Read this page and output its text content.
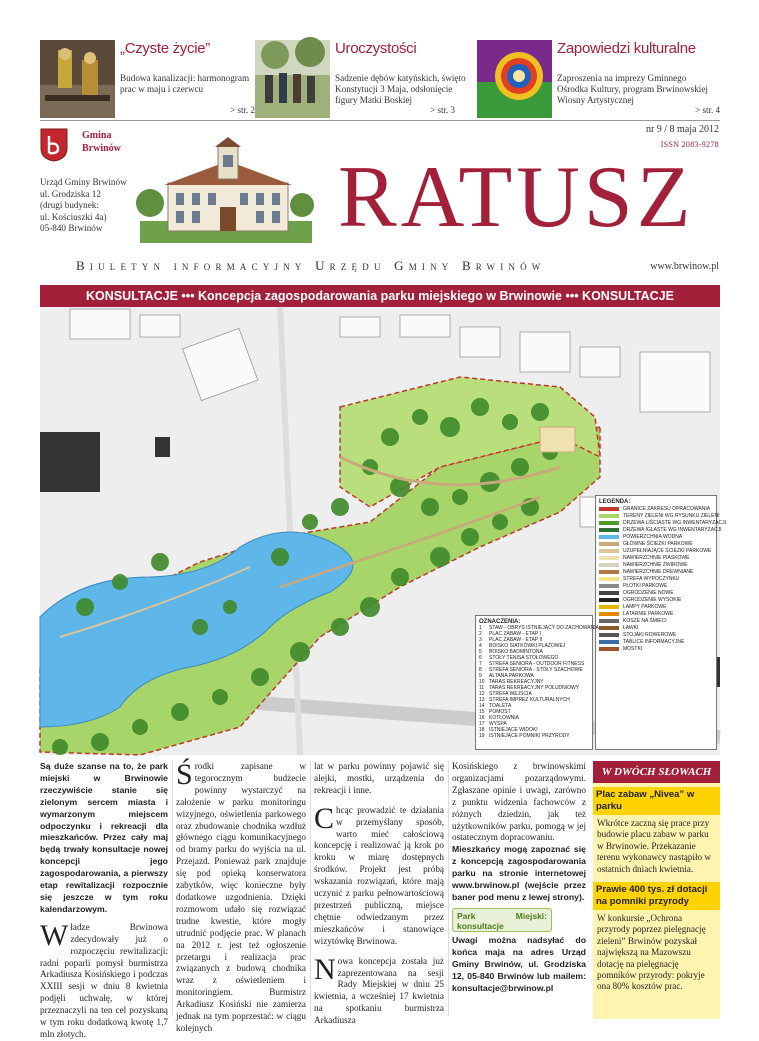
„Czyste życie”
Budowa kanalizacji: harmonogram prac w maju i czerwcu
> str. 2
Uroczystości
Sadzenie dębów katyńskich, święto Konstytucji 3 Maja, odsłonięcie figury Matki Boskiej
> str. 3
Zapowiedzi kulturalne
Zaproszenia na imprezy Gminnego Ośrodka Kultury, program Brwinowskiej Wiosny Artystycznej
> str. 4
Gmina
Brwinów
Urząd Gminy Brwinów
ul. Grodziska 12
(drugi budynek:
ul. Kościuszki 4a)
05-840 Brwinów
nr 9 / 8 maja 2012
ISSN 2083-9278
RATUSZ
Biuletyn informacyjny Urzędu Gminy Brwinów	www.brwinow.pl
KONSULTACJE ••• Koncepcja zagospodarowania parku miejskiego w Brwinowie ••• KONSULTACJE
LEGENDA:
GRANICE ZAKRESU OPRACOWANIA
TERENY ZIELENI WG RYSUNKU ZIELENI
DRZEWA LIŚCIASTE WG INWENTARYZACJI
DRZEWA IGLASTE WG INWENTARYZACJI
POWIERZCHNIA WODNA
GŁÓWNE ŚCIEŻKI PARKOWE
UZUPEŁNIAJĄCE ŚCIEŻKI PARKOWE
NAWIERZCHNIE PIASKOWE
NAWIERZCHNIE ŻWIROWE
NAWIERZCHNIE DREWNIANE
STREFA WYPOCZYNKU
PŁOTKI PARKOWE
OGRODZENIE NOWE
OGRODZENIE WYSOKIE
LAMPY PARKOWE
LATARNIE PARKOWE
KOSZE NA ŚMIECI
ŁAWKI
STOJAKI ROWEROWE
TABLICE INFORMACYJNE
MOSTKI
OZNACZENIA:
1	STAW - OBRYS ISTNIEJĄCY DO ZACHOWANIA
2	PLAC ZABAW - ETAP I
3	PLAC ZABAW - ETAP II
4	BOISKO SIATKÓWKI PLAŻOWEJ
5	BOISKO BADMINTONA
6	STOŁY TENISA STOŁOWEGO
7	STREFA SENIORA - OUTDOOR FITNESS
8	STREFA SENIORA - STOŁY SZACHOWE
9	ALTANA PARKOWA
10 TARAS REKREACYJNY
11 TARAS REKREACYJNY POŁUDNIOWY
12 STREFA WEJŚCIA
13 STREFA IMPREZ KULTURALNYCH
14 TOALETA
15 POMOST
16 KOTŁOWNIA
17 WYSPA
18 ISTNIEJĄCE WIDOKI
19 ISTNIEJĄCE POMNIKI PRZYRODY

Są duże szanse na to, że park miejski w Brwinowie rzeczywiście stanie się zielonym sercem miasta i wymarzonym miejscem odpoczynku i rekreacji dla mieszkańców. Przez cały maj będą trwały konsultacje nowej koncepcji jego zagospodarowania, a pierwszy etap rewitalizacji rozpocznie się jeszcze w tym roku kalendarzowym.

Władze Brwinowa zdecydowały już o rozpoczęciu rewitalizacji: radni poparli pomysł burmistrza Arkadiusza Kosińskiego i podczas XXIII sesji w dniu 8 kwietnia podjęli uchwałę, w której przeznaczyli na ten cel pozyskaną w tym roku dodatkową kwotę 1,7 mln złotych.

Środki zapisane w tegorocznym budżecie powinny wystarczyć na założenie w parku monitoringu wizyjnego, oświetlenia parkowego oraz zbudowanie chodnika wzdłuż głównego ciągu komunikacyjnego od bramy parku do wyjścia na ul. Przejazd. Ponieważ park znajduje się pod opieką konserwatora zabytków, więc konieczne były dodatkowe uzgodnienia. Dzięki rozmowom udało się rozwiązać trudne kwestie, które mogły utrudnić podjęcie prac. W planach na 2012 r. jest też ogłoszenie przetargu i realizacja prac związanych z budową chodnika wraz z oświetleniem i monitoringiem. Burmistrz Arkadiusz Kosiński nie zamierza jednak na tym poprzestać: w ciągu kolejnych

lat w parku powinny pojawić się alejki, mostki, urządzenia do rekreacji i inne.

Chcąc prowadzić te działania w przemyślany sposób, warto mieć całościową koncepcję i realizować ją krok po kroku w miarę dostępnych środków. Projekt jest próbą wskazania rozwiązań, które mają uczynić z parku pełnowartościową przestrzeń publiczną, miejsce chętnie odwiedzanym przez mieszkańców i stanowiące wizytówkę Brwinowa.

Nowa koncepcja została już zaprezentowana na sesji Rady Miejskiej w dniu 25 kwietnia, a wcześniej 17 kwietnia na spotkaniu burmistrza Arkadiusza

Kosińskiego z brwinowskimi organizacjami pozarządowymi. Zgłaszane opinie i uwagi, zarówno z punktu widzenia fachowców z różnych dziedzin, jak też użytkowników parku, pomogą w jej ostatecznym dopracowaniu.

Mieszkańcy mogą zapoznać się z koncepcją zagospodarowania parku na stronie internetowej www.brwinow.pl (wejście przez baner pod menu z lewej strony).

Park Miejski: konsultacje

Uwagi można nadsyłać do końca maja na adres Urząd Gminy Brwinów, ul. Grodziska 12, 05-840 Brwinów lub mailem: konsultacje@brwinow.pl

W DWÓCH SŁOWACH
Plac zabaw „Nivea” w parku
Wkrótce zaczną się prace przy budowie placu zabaw w parku w Brwinowie. Przekazanie terenu wykonawcy nastąpiło w ostatnich dniach kwietnia.
Prawie 400 tys. zł dotacji na pomniki przyrody
W konkursie „Ochrona przyrody poprzez pielęgnację zieleni” Brwinów pozyskał największą na Mazowszu dotację na pielęgnację pomników przyrody: pokryje ona 80% kosztów prac.
